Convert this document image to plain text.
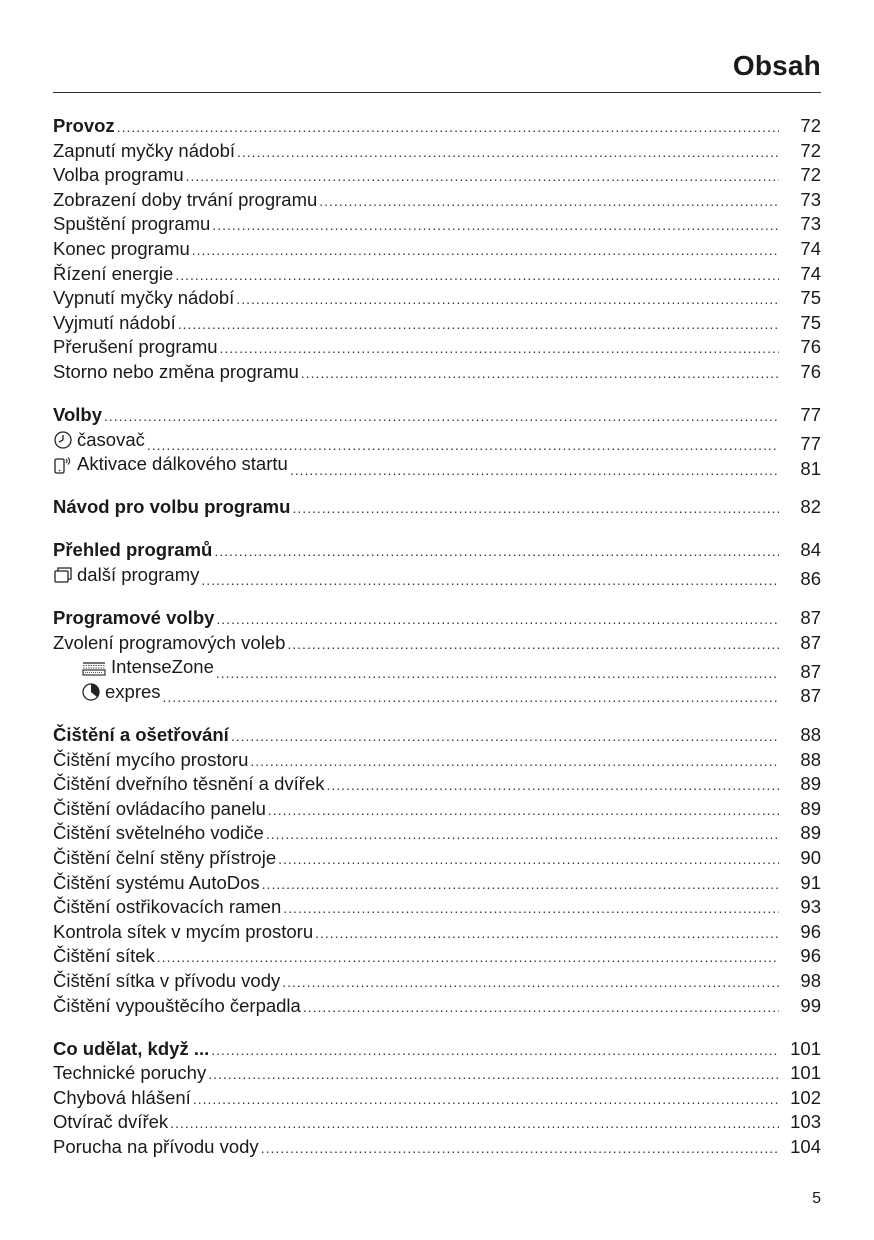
Obsah
Provoz .....	72
Zapnutí myčky nádobí .....	72
Volba programu .....	72
Zobrazení doby trvání programu .....	73
Spuštění programu .....	73
Konec programu .....	74
Řízení energie .....	74
Vypnutí myčky nádobí .....	75
Vyjmutí nádobí .....	75
Přerušení programu .....	76
Storno nebo změna programu .....	76
Volby .....	77
časovač .....	77
Aktivace dálkového startu .....	81
Návod pro volbu programu .....	82
Přehled programů .....	84
další programy .....	86
Programové volby .....	87
Zvolení programových voleb .....	87
IntenseZone .....	87
expres .....	87
Čištění a ošetřování .....	88
Čištění mycího prostoru .....	88
Čištění dveřního těsnění a dvířek .....	89
Čištění ovládacího panelu .....	89
Čištění světelného vodiče .....	89
Čištění čelní stěny přístroje .....	90
Čištění systému AutoDos .....	91
Čištění ostřikovacích ramen .....	93
Kontrola sítek v mycím prostoru .....	96
Čištění sítek .....	96
Čištění sítka v přívodu vody .....	98
Čištění vypouštěcího čerpadla .....	99
Co udělat, když ... .....	101
Technické poruchy .....	101
Chybová hlášení .....	102
Otvírač dvířek .....	103
Porucha na přívodu vody .....	104
5
